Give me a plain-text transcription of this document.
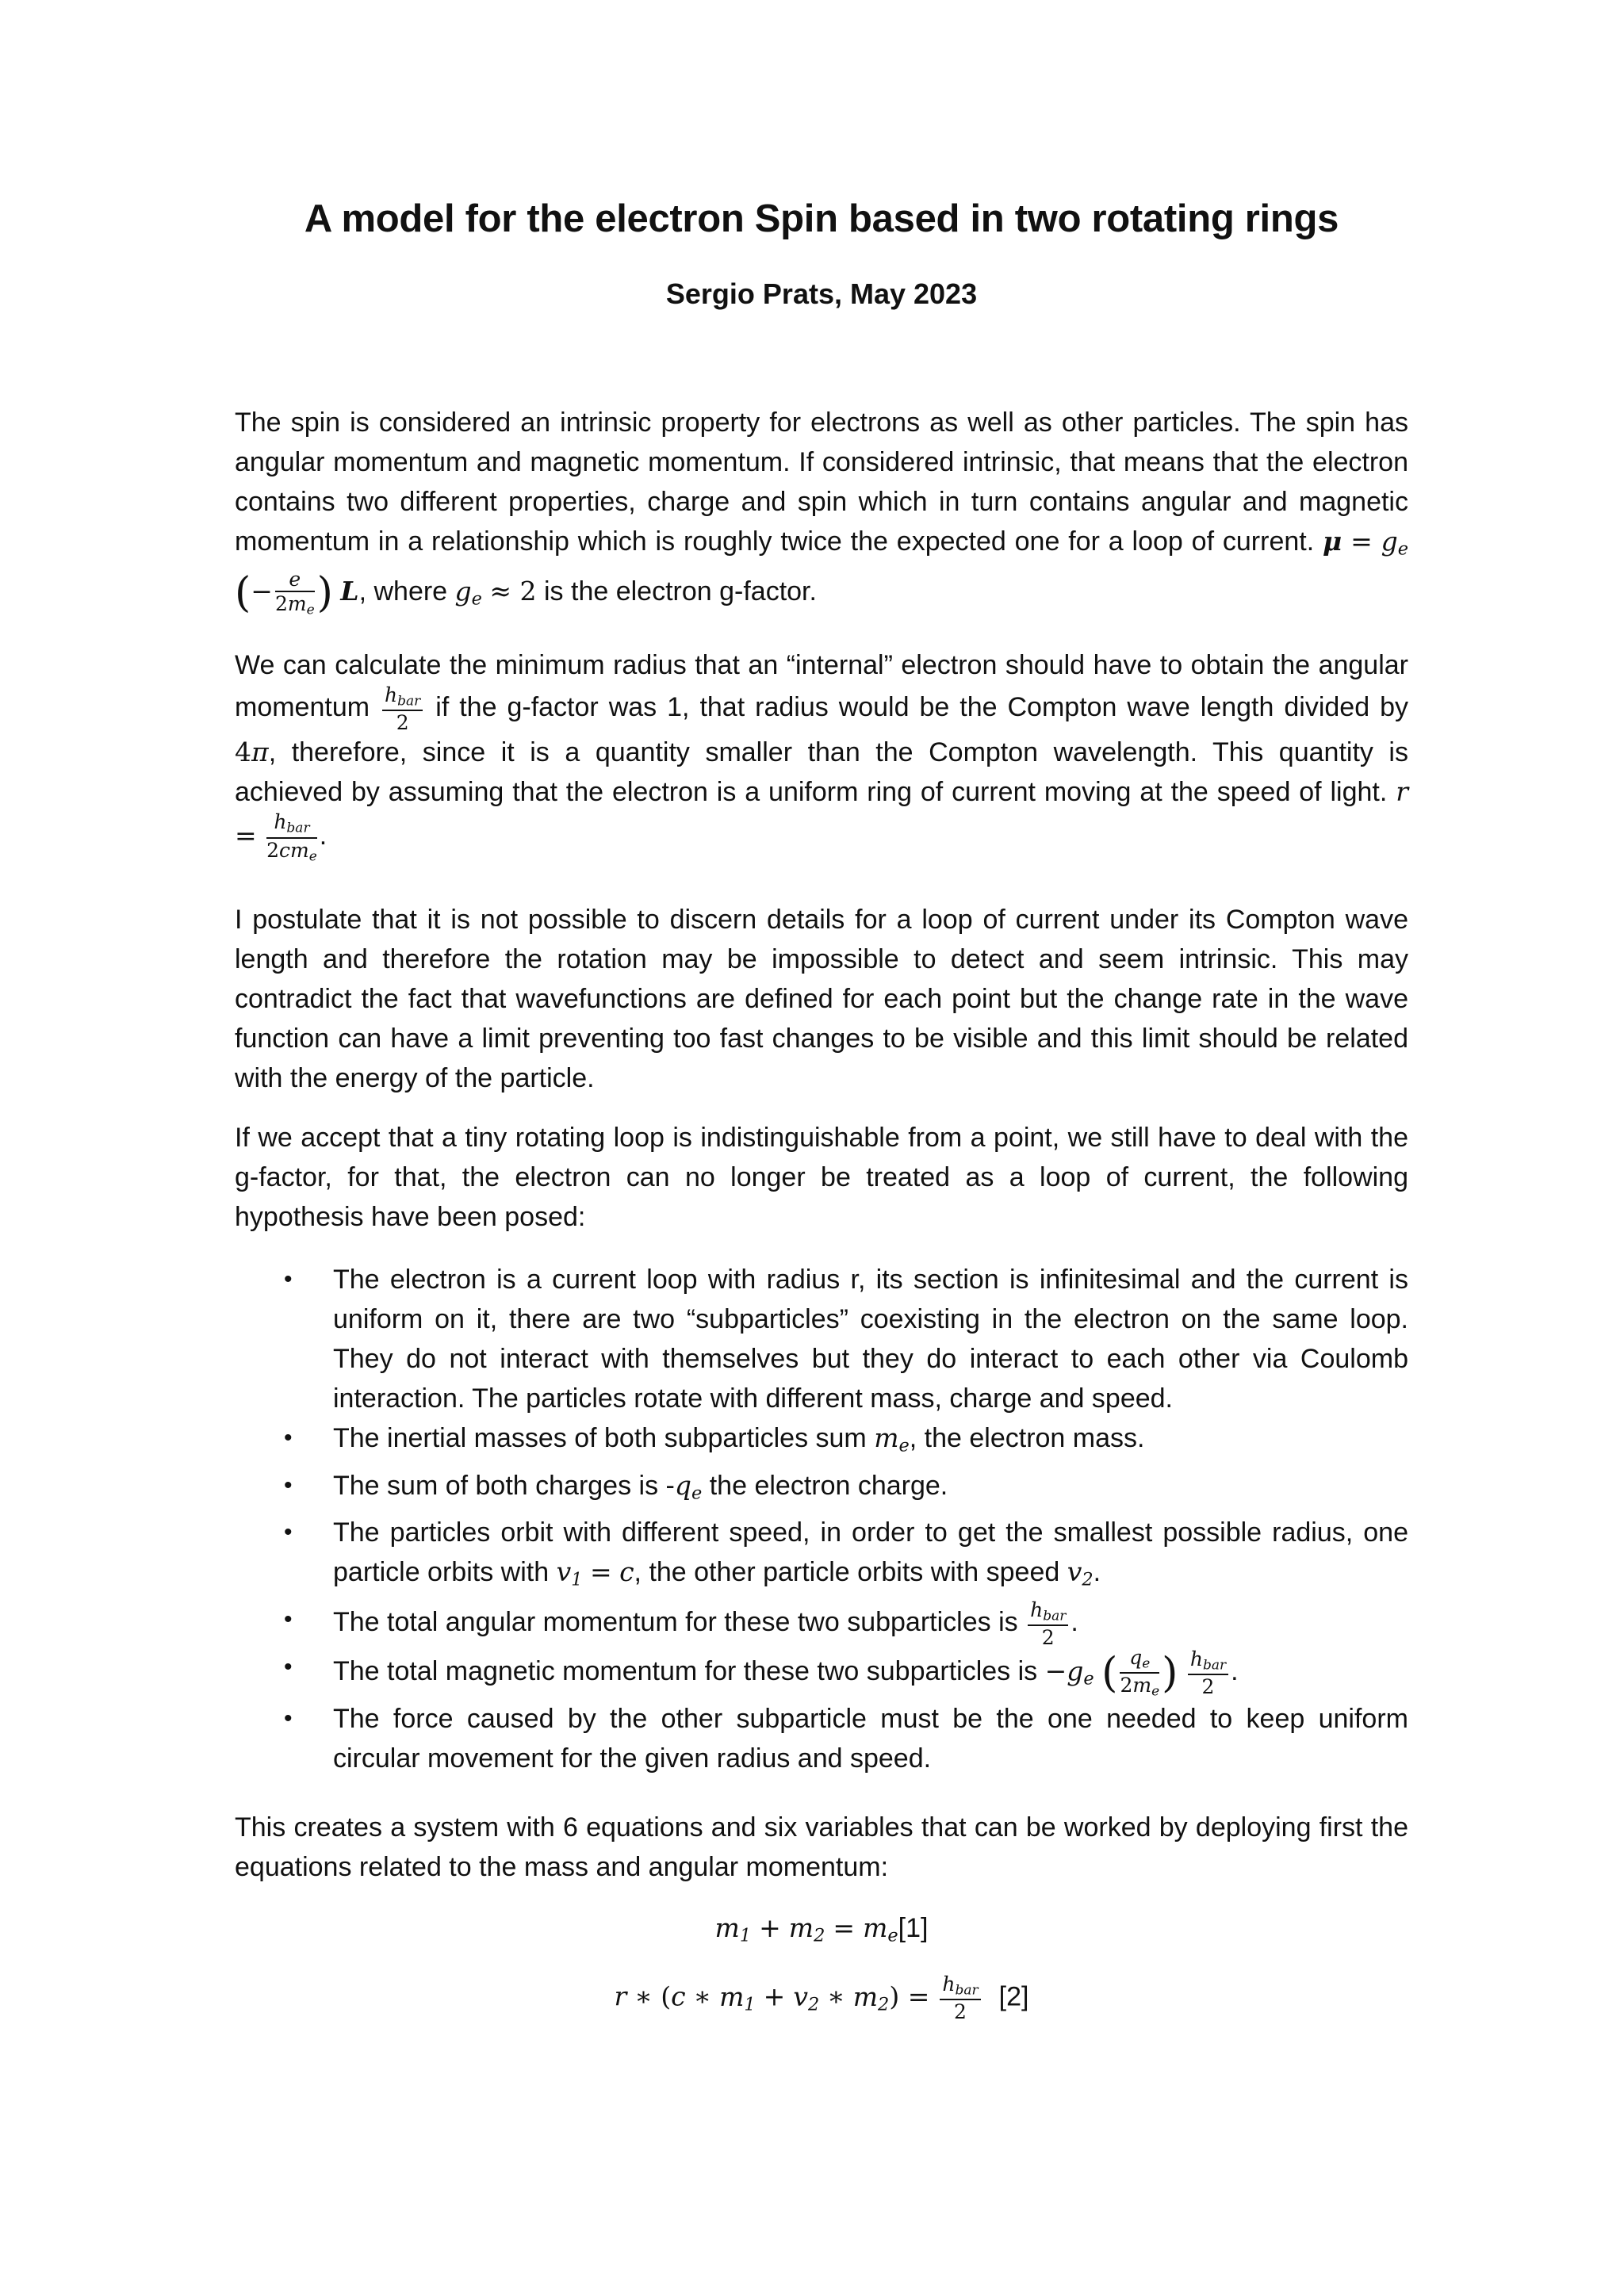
A model for the electron Spin based in two rotating rings
Sergio Prats, May 2023

The spin is considered an intrinsic property for electrons as well as other particles. The spin has angular momentum and magnetic momentum. If considered intrinsic, that means that the electron contains two different properties, charge and spin which in turn contains angular and magnetic momentum in a relationship which is roughly twice the expected one for a loop of current. $\mu = g_e$ (− $\frac{e}{2m_e}$ ) L, where $g_e \approx 2$ is the electron g-factor.

We can calculate the minimum radius that an “internal” electron should have to obtain the angular momentum $\frac{h_{bar}}{2}$ if the g-factor was 1, that radius would be the Compton wave length divided by 4π, therefore, since it is a quantity smaller than the Compton wavelength. This quantity is achieved by assuming that the electron is a uniform ring of current moving at the speed of light. $r = \frac{h_{bar}}{2cm_e}$ .

I postulate that it is not possible to discern details for a loop of current under its Compton wave length and therefore the rotation may be impossible to detect and seem intrinsic. This may contradict the fact that wavefunctions are defined for each point but the change rate in the wave function can have a limit preventing too fast changes to be visible and this limit should be related with the energy of the particle.

If we accept that a tiny rotating loop is indistinguishable from a point, we still have to deal with the g-factor, for that, the electron can no longer be treated as a loop of current, the following hypothesis have been posed:

• The electron is a current loop with radius r, its section is infinitesimal and the current is uniform on it, there are two “subparticles” coexisting in the electron on the same loop. They do not interact with themselves but they do interact to each other via Coulomb interaction. The particles rotate with different mass, charge and speed.
• The inertial masses of both subparticles sum $m_e$, the electron mass.
• The sum of both charges is $-q_e$ the electron charge.
• The particles orbit with different speed, in order to get the smallest possible radius, one particle orbits with $v_1 = c$, the other particle orbits with speed $v_2$.
• The total angular momentum for these two subparticles is $\frac{h_{bar}}{2}$ .
• The total magnetic momentum for these two subparticles is $-g_e$ ( $\frac{q_e}{2m_e}$ ) $\frac{h_{bar}}{2}$ .
• The force caused by the other subparticle must be the one needed to keep uniform circular movement for the given radius and speed.

This creates a system with 6 equations and six variables that can be worked by deploying first the equations related to the mass and angular momentum:

$m_1 + m_2 = m_e[1]$
r ∗ (c ∗ $m_1 + v_2$ ∗ $m_2) = \frac{h_{bar}}{2} [2]$
